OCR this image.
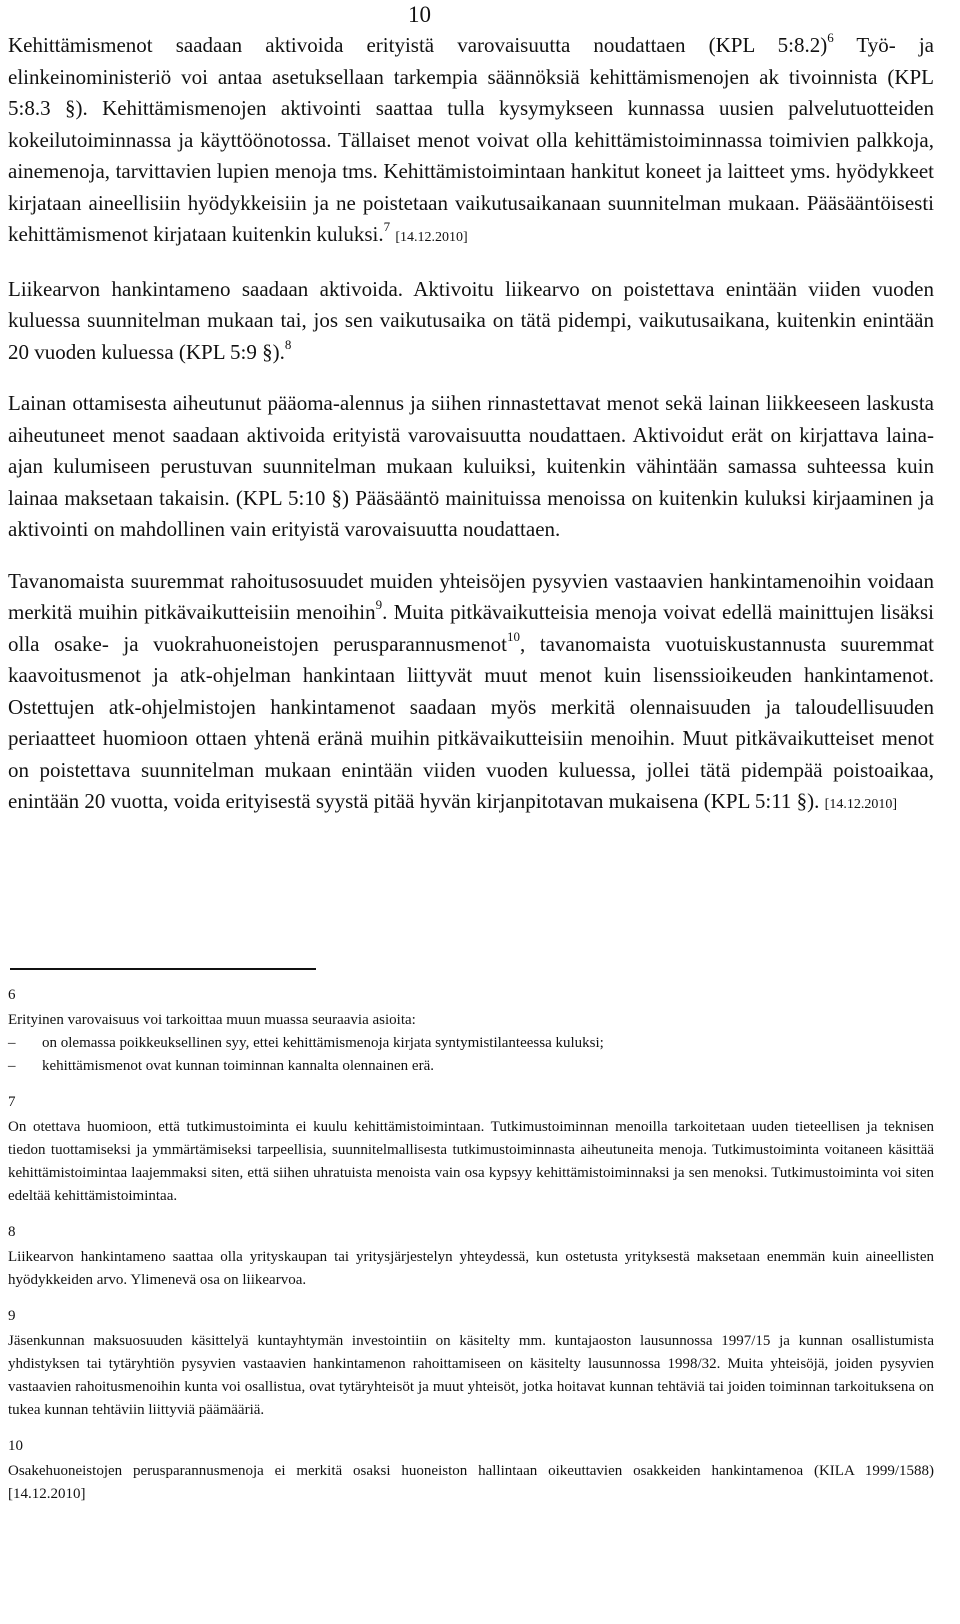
10

Kehittämismenot saadaan aktivoida erityistä varovaisuutta noudattaen (KPL 5:8.2)$^6$ Työ- ja elinkeinoministeriö voi antaa asetuksellaan tarkempia säännöksiä kehittämismenojen ak tivoinnista (KPL 5:8.3 §). Kehittämismenojen aktivointi saattaa tulla kysymykseen kunnassa uusien palvelutuotteiden kokeilutoiminnassa ja käyttöönotossa. Tällaiset menot voivat olla kehittämistoiminnassa toimivien palkkoja, ainemenoja, tarvittavien lupien menoja tms. Kehittämistoimintaan hankitut koneet ja laitteet yms. hyödykkeet kirjataan aineellisiin hyödykkeisiin ja ne poistetaan vaikutusaikanaan suunnitelman mukaan. Pääsääntöisesti kehittämismenot kirjataan kuitenkin kuluksi.$^7$ [14.12.2010]

Liikearvon hankintameno saadaan aktivoida. Aktivoitu liikearvo on poistettava enintään viiden vuoden kuluessa suunnitelman mukaan tai, jos sen vaikutusaika on tätä pidempi, vaikutusaikana, kuitenkin enintään 20 vuoden kuluessa (KPL 5:9 §).$^8$

Lainan ottamisesta aiheutunut pääoma-alennus ja siihen rinnastettavat menot sekä lainan liikkeeseen laskusta aiheutuneet menot saadaan aktivoida erityistä varovaisuutta noudattaen. Aktivoidut erät on kirjattava laina-ajan kulumiseen perustuvan suunnitelman mukaan kuluiksi, kuitenkin vähintään samassa suhteessa kuin lainaa maksetaan takaisin. (KPL 5:10 §) Pääsääntö mainituissa menoissa on kuitenkin kuluksi kirjaaminen ja aktivointi on mahdollinen vain erityistä varovaisuutta noudattaen.

Tavanomaista suuremmat rahoitusosuudet muiden yhteisöjen pysyvien vastaavien hankintamenoihin voidaan merkitä muihin pitkävaikutteisiin menoihin$^9$. Muita pitkävaikutteisia menoja voivat edellä mainittujen lisäksi olla osake- ja vuokrahuoneistojen perusparannusmenot$^{10}$, tavanomaista vuotuiskustannusta suuremmat kaavoitusmenot ja atk-ohjelman hankintaan liittyvät muut menot kuin lisenssioikeuden hankintamenot. Ostettujen atk-ohjelmistojen hankintamenot saadaan myös merkitä olennaisuuden ja taloudellisuuden periaatteet huomioon ottaen yhtenä eränä muihin pitkävaikutteisiin menoihin. Muut pitkävaikutteiset menot on poistettava suunnitelman mukaan enintään viiden vuoden kuluessa, jollei tätä pidempää poistoaikaa, enintään 20 vuotta, voida erityisestä syystä pitää hyvän kirjanpitotavan mukaisena (KPL 5:11 §). [14.12.2010]

6

Erityinen varovaisuus voi tarkoittaa muun muassa seuraavia asioita:

– on olemassa poikkeuksellinen syy, ettei kehittämismenoja kirjata syntymistilanteessa kuluksi;
– kehittämismenot ovat kunnan toiminnan kannalta olennainen erä.
7

On otettava huomioon, että tutkimustoiminta ei kuulu kehittämistoimintaan. Tutkimustoiminnan menoilla tarkoitetaan uuden tieteellisen ja teknisen tiedon tuottamiseksi ja ymmärtämiseksi tarpeellisia, suunnitelmallisesta tutkimustoiminnasta aiheutuneita menoja. Tutkimustoiminta voitaneen käsittää kehittämistoimintaa laajemmaksi siten, että siihen uhratuista menoista vain osa kypsyy kehittämistoiminnaksi ja sen menoksi. Tutkimustoiminta voi siten edeltää kehittämistoimintaa.

8

Liikearvon hankintameno saattaa olla yrityskaupan tai yritysjärjestelyn yhteydessä, kun ostetusta yrityksestä maksetaan enemmän kuin aineellisten hyödykkeiden arvo. Ylimenevä osa on liikearvoa.

9

Jäsenkunnan maksuosuuden käsittelyä kuntayhtymän investointiin on käsitelty mm. kuntajaoston lausunnossa 1997/15 ja kunnan osallistumista yhdistyksen tai tytäryhtiön pysyvien vastaavien hankintamenon rahoittamiseen on käsitelty lausunnossa 1998/32. Muita yhteisöjä, joiden pysyvien vastaavien rahoitusmenoihin kunta voi osallistua, ovat tytäryhteisöt ja muut yhteisöt, jotka hoitavat kunnan tehtäviä tai joiden toiminnan tarkoituksena on tukea kunnan tehtäviin liittyviä päämääriä.

10

Osakehuoneistojen perusparannusmenoja ei merkitä osaksi huoneiston hallintaan oikeuttavien osakkeiden hankintamenoa (KILA 1999/1588) [14.12.2010]
